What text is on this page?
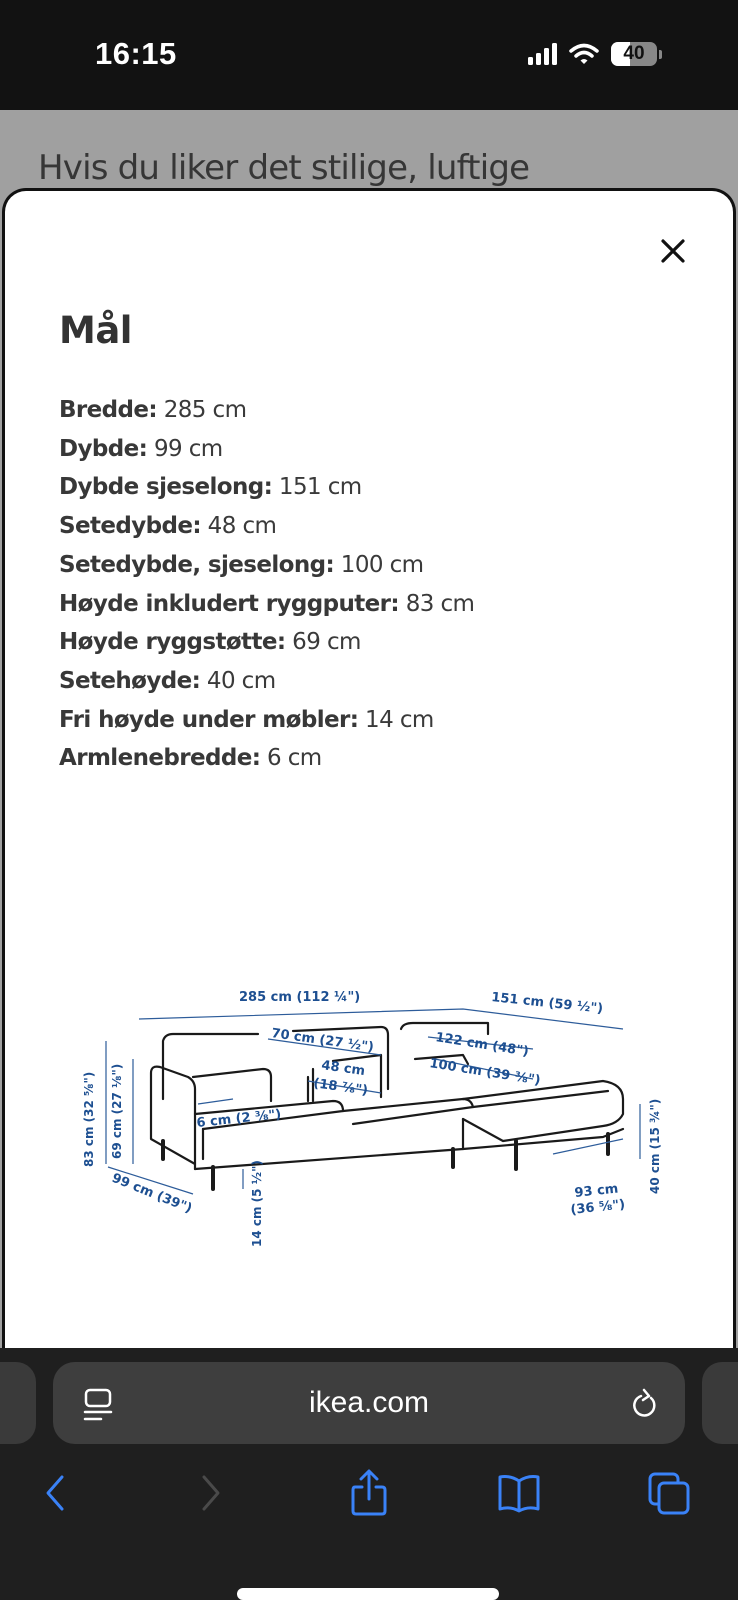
16:15	40
Hvis du liker det stilige, luftige
Mål
Bredde: 285 cm
Dybde: 99 cm
Dybde sjeselong: 151 cm
Setedybde: 48 cm
Setedybde, sjeselong: 100 cm
Høyde inkludert ryggputer: 83 cm
Høyde ryggstøtte: 69 cm
Setehøyde: 40 cm
Fri høyde under møbler: 14 cm
Armlenebredde: 6 cm
285 cm (112 ¼")	151 cm (59 ½")
70 cm (27 ½")
48 cm
(18 ⅞")
122 cm (48")
100 cm (39 ⅜")
6 cm (2 ⅜")
83 cm (32 ⅝") 69 cm (27 ⅛")
99 cm (39")	14 cm (5 ½")	93 cm
(36 ⅝")
40 cm (15 ¾")
ikea.com
